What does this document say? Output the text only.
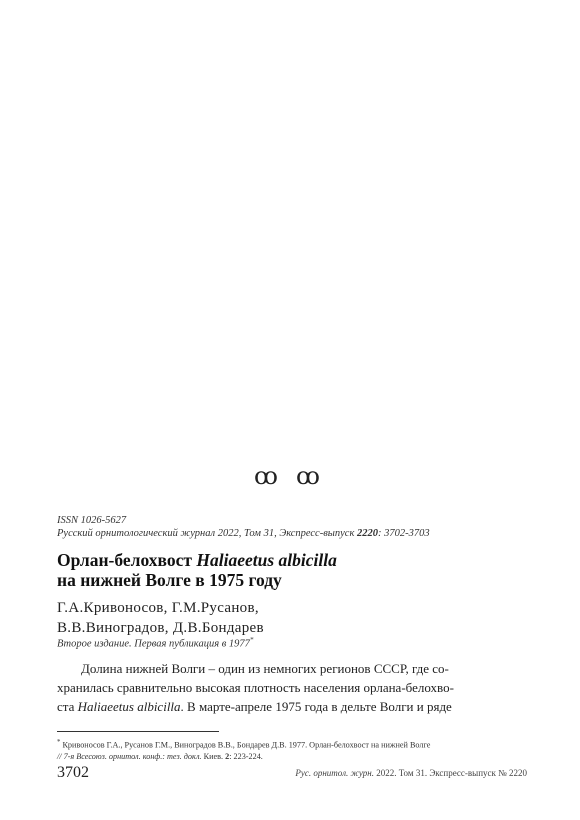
ꝏ ꝏ
ISSN 1026-5627
Русский орнитологический журнал 2022, Том 31, Экспресс-выпуск 2220: 3702-3703
Орлан-белохвост Haliaeetus albicilla
на нижней Волге в 1975 году
Г.А.Кривоносов, Г.М.Русанов,
В.В.Виноградов, Д.В.Бондарев
Второе издание. Первая публикация в 1977*
Долина нижней Волги – один из немногих регионов СССР, где со-
хранилась сравнительно высокая плотность населения орлана-белохво-
ста Haliaeetus albicilla. В марте-апреле 1975 года в дельте Волги и ряде
* Кривоносов Г.А., Русанов Г.М., Виноградов В.В., Бондарев Д.В. 1977. Орлан-белохвост на нижней Волге
// 7-я Всесоюз. орнитол. конф.: тез. докл. Киев. 2: 223-224.
3702	Рус. орнитол. журн. 2022. Том 31. Экспресс-выпуск № 2220
